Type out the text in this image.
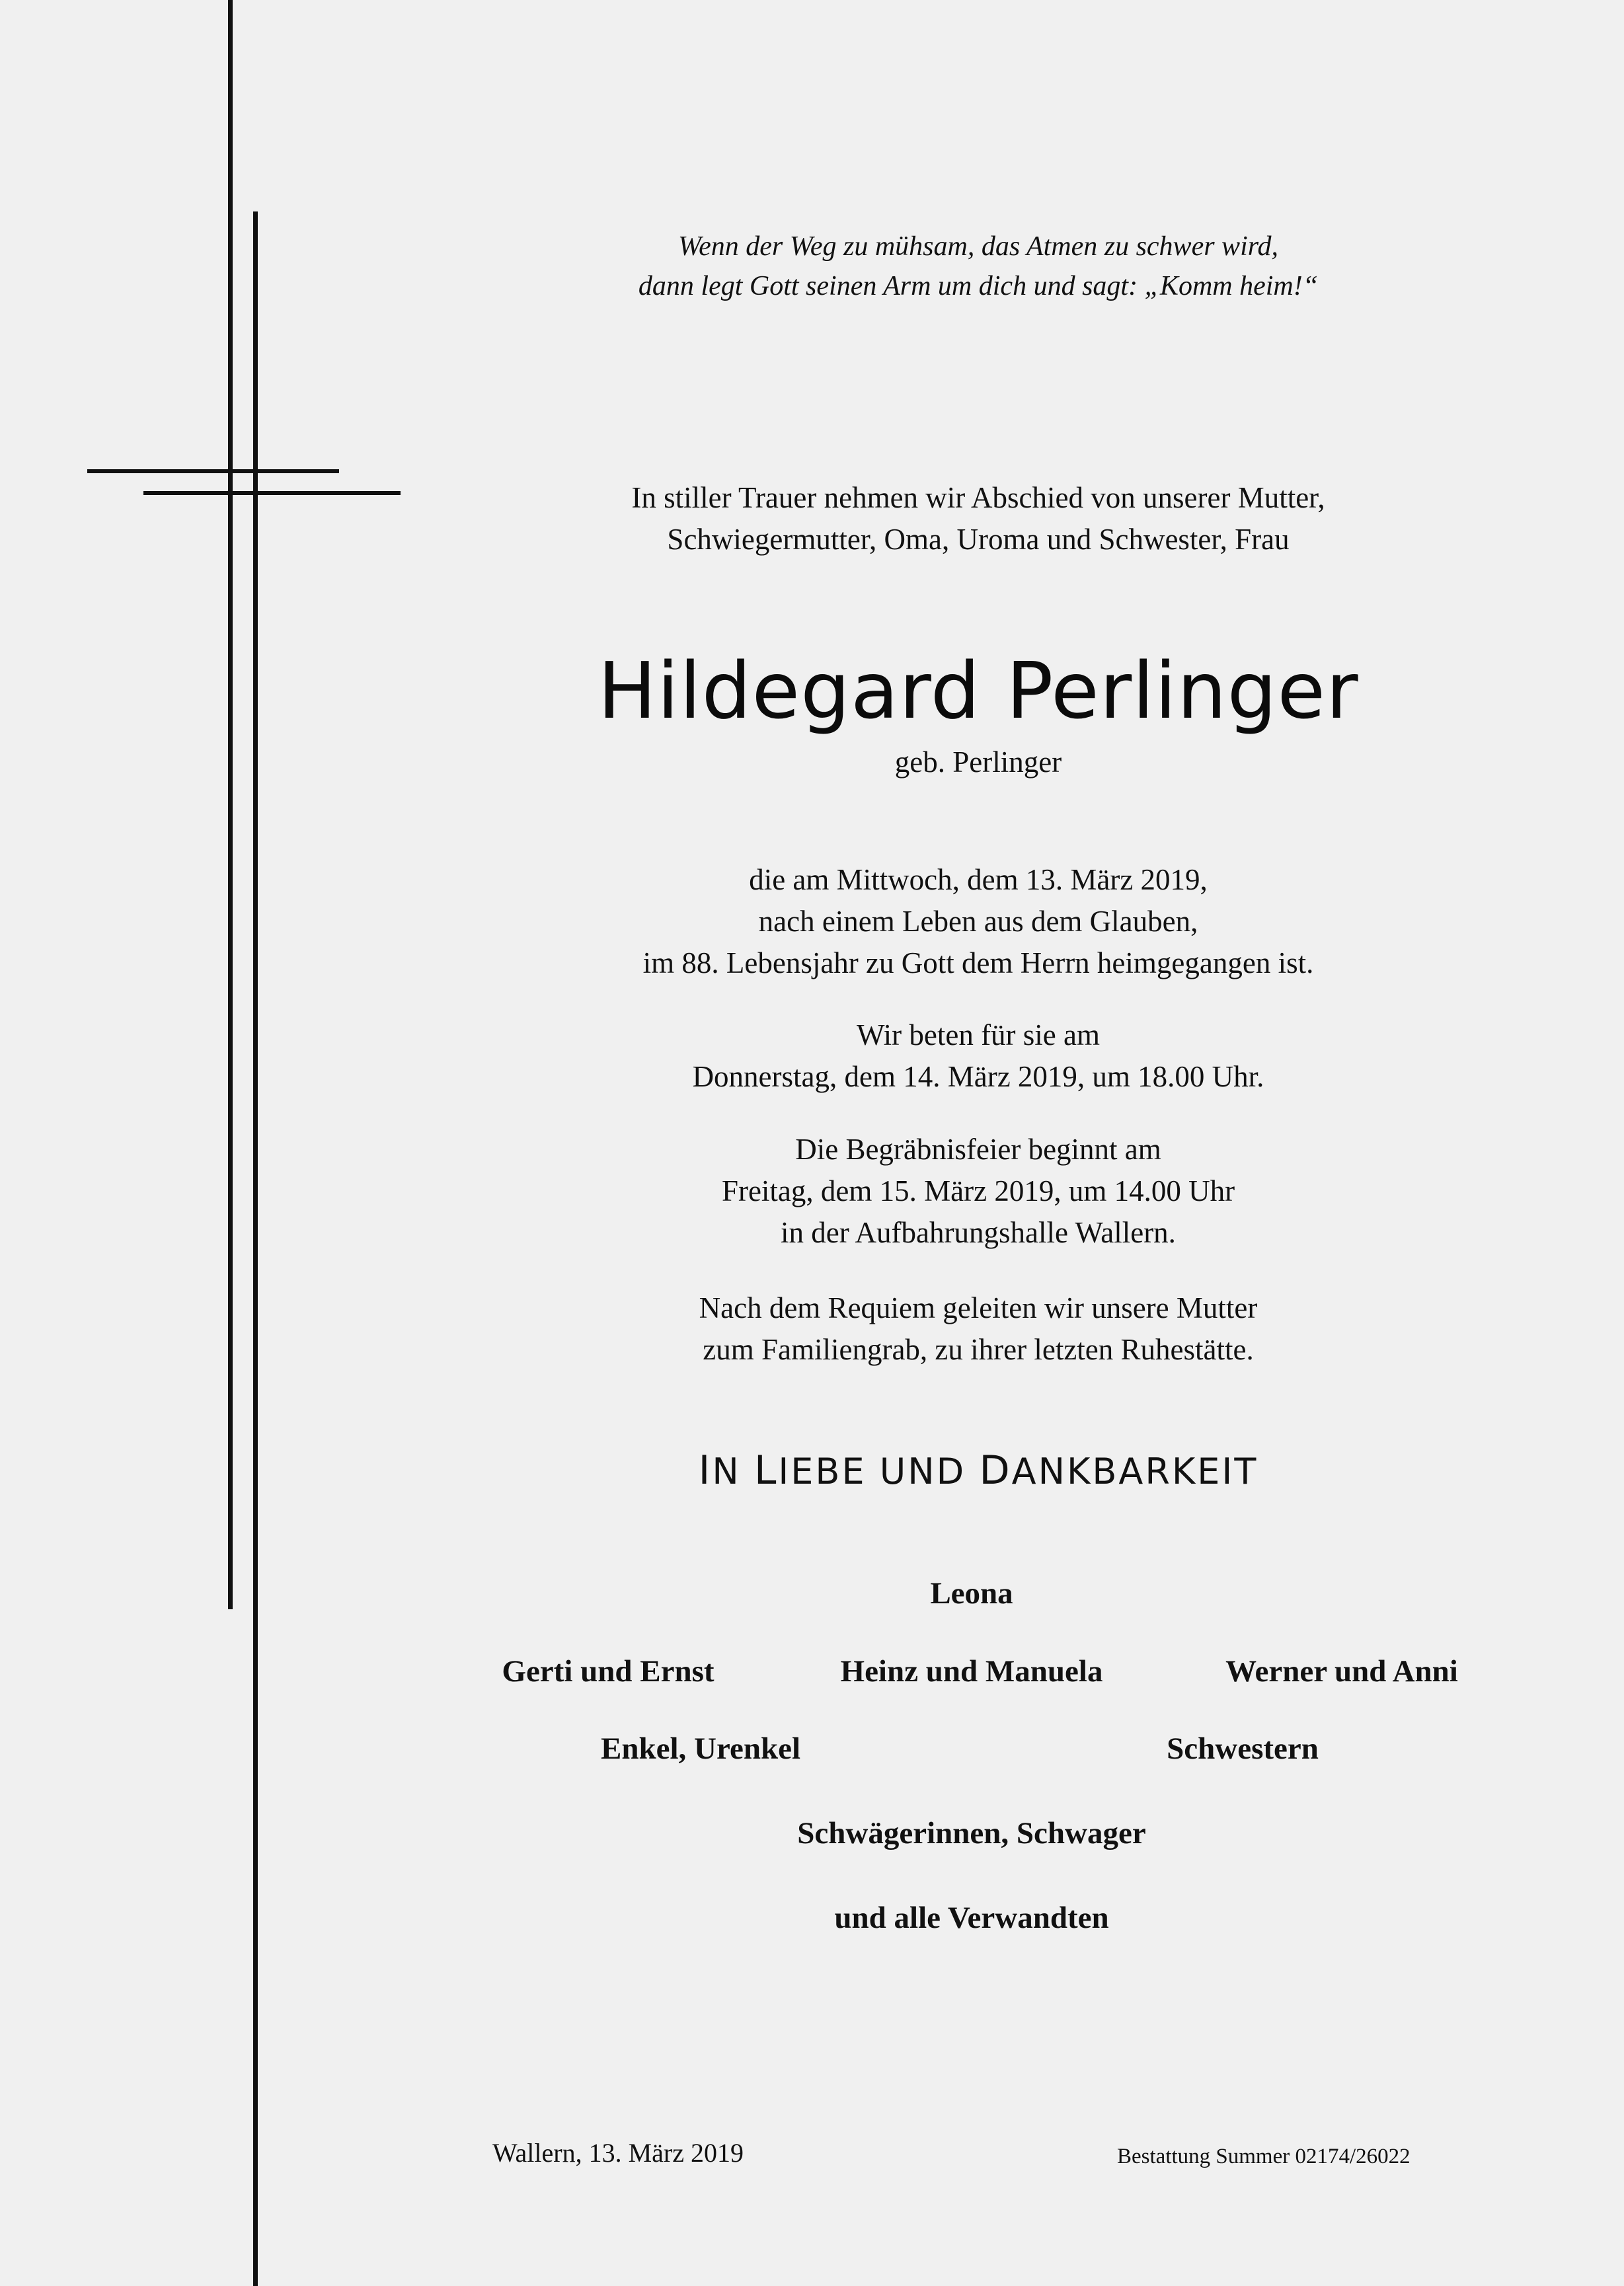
Wenn der Weg zu mühsam, das Atmen zu schwer wird,
dann legt Gott seinen Arm um dich und sagt: „Komm heim!“
In stiller Trauer nehmen wir Abschied von unserer Mutter,
Schwiegermutter, Oma, Uroma und Schwester, Frau
Hildegard Perlinger
geb. Perlinger
die am Mittwoch, dem 13. März 2019,
nach einem Leben aus dem Glauben,
im 88. Lebensjahr zu Gott dem Herrn heimgegangen ist.
Wir beten für sie am
Donnerstag, dem 14. März 2019, um 18.00 Uhr.
Die Begräbnisfeier beginnt am
Freitag, dem 15. März 2019, um 14.00 Uhr
in der Aufbahrungshalle Wallern.
Nach dem Requiem geleiten wir unsere Mutter
zum Familiengrab, zu ihrer letzten Ruhestätte.
IN LIEBE UND DANKBARKEIT
Leona
Gerti und Ernst	Heinz und Manuela	Werner und Anni
Enkel, Urenkel	Schwestern
Schwägerinnen, Schwager
und alle Verwandten
Wallern, 13. März 2019	Bestattung Summer 02174/26022
